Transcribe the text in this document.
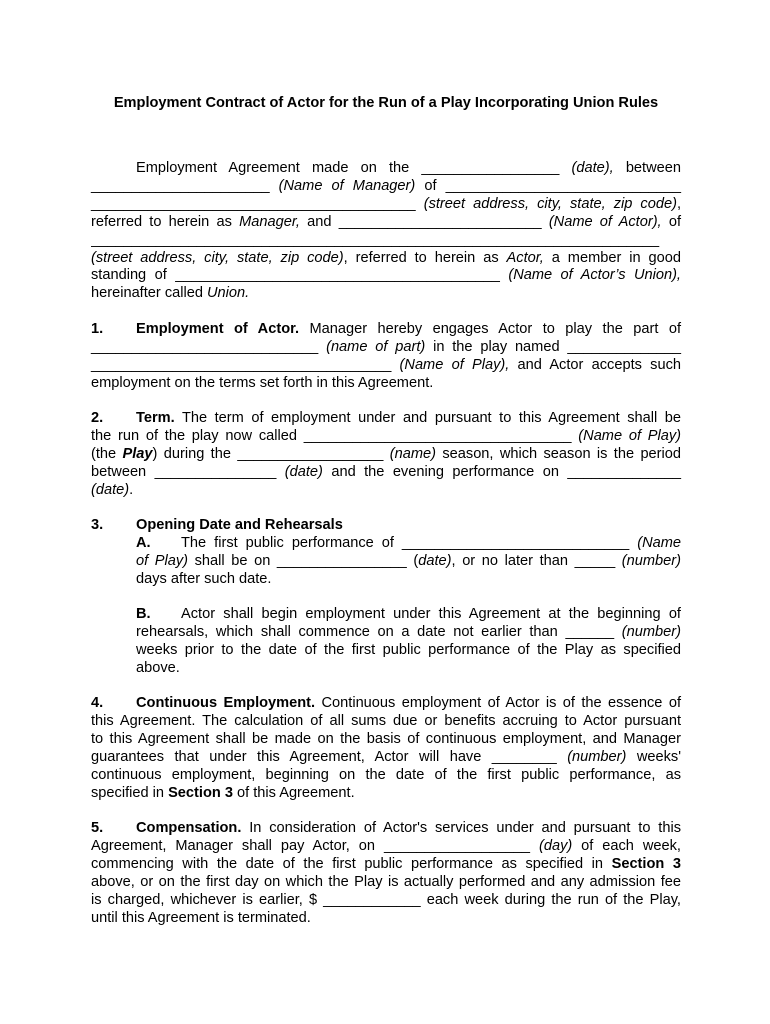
Employment Contract of Actor for the Run of a Play Incorporating Union Rules
Employment Agreement made on the _________________ (date), between
______________________ (Name of Manager) of _____________________________
________________________________________ (street address, city, state, zip code),
referred to herein as Manager, and _________________________ (Name of Actor), of
______________________________________________________________________
(street address, city, state, zip code), referred to herein as Actor, a member in good
standing of ________________________________________ (Name of Actor’s Union),
hereinafter called Union.
1. Employment of Actor. Manager hereby engages Actor to play the part of
____________________________ (name of part) in the play named ______________
_____________________________________ (Name of Play), and Actor accepts such
employment on the terms set forth in this Agreement.
2. Term. The term of employment under and pursuant to this Agreement shall be
the run of the play now called _________________________________ (Name of Play)
(the Play) during the __________________ (name) season, which season is the period
between _______________ (date) and the evening performance on ______________
(date).
3. Opening Date and Rehearsals
A. The first public performance of ____________________________ (Name
of Play) shall be on ________________ (date), or no later than _____ (number)
days after such date.
B. Actor shall begin employment under this Agreement at the beginning of
rehearsals, which shall commence on a date not earlier than ______ (number)
weeks prior to the date of the first public performance of the Play as specified
above.
4. Continuous Employment. Continuous employment of Actor is of the essence of
this Agreement. The calculation of all sums due or benefits accruing to Actor pursuant
to this Agreement shall be made on the basis of continuous employment, and Manager
guarantees that under this Agreement, Actor will have ________ (number) weeks'
continuous employment, beginning on the date of the first public performance, as
specified in Section 3 of this Agreement.
5. Compensation. In consideration of Actor's services under and pursuant to this
Agreement, Manager shall pay Actor, on __________________ (day) of each week,
commencing with the date of the first public performance as specified in Section 3
above, or on the first day on which the Play is actually performed and any admission fee
is charged, whichever is earlier, $ ____________ each week during the run of the Play,
until this Agreement is terminated.
